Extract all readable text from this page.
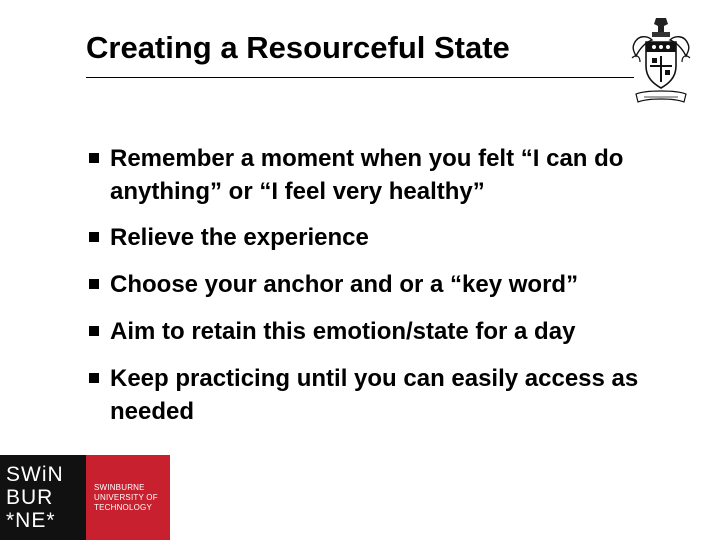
Creating a Resourceful State
Remember a moment when you felt “I can do anything” or “I feel very healthy”
Relieve the experience
Choose your anchor and or a “key word”
Aim to retain this emotion/state for a day
Keep practicing until you can easily access as needed
SWiN
BUR
*NE*
SWINBURNE
UNIVERSITY OF
TECHNOLOGY
